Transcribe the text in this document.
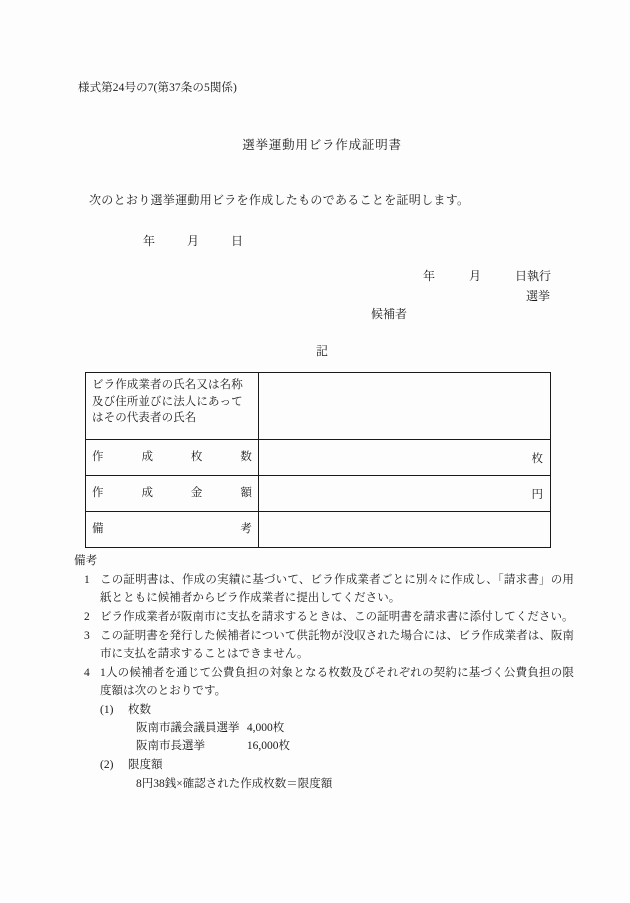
様式第24号の7(第37条の5関係)
選挙運動用ビラ作成証明書
次のとおり選挙運動用ビラを作成したものであることを証明します。
年	月	日
年	月	日執行
選挙
候補者
記
ビラ作成業者の氏名又は名称
及び住所並びに法人にあって
はその代表者の氏名	

作 成 枚 数	枚

作 成 金 額	円

備 考	

備考
1 この証明書は、作成の実績に基づいて、ビラ作成業者ごとに別々に作成し、「請求書」の用紙とともに候補者からビラ作成業者に提出してください。
2 ビラ作成業者が阪南市に支払を請求するときは、この証明書を請求書に添付してください。
3 この証明書を発行した候補者について供託物が没収された場合には、ビラ作成業者は、阪南市に支払を請求することはできません。
4 1人の候補者を通じて公費負担の対象となる枚数及びそれぞれの契約に基づく公費負担の限度額は次のとおりです。
(1) 枚数
阪南市議会議員選挙 4,000枚
阪南市長選挙	16,000枚
(2) 限度額
8円38銭×確認された作成枚数＝限度額
